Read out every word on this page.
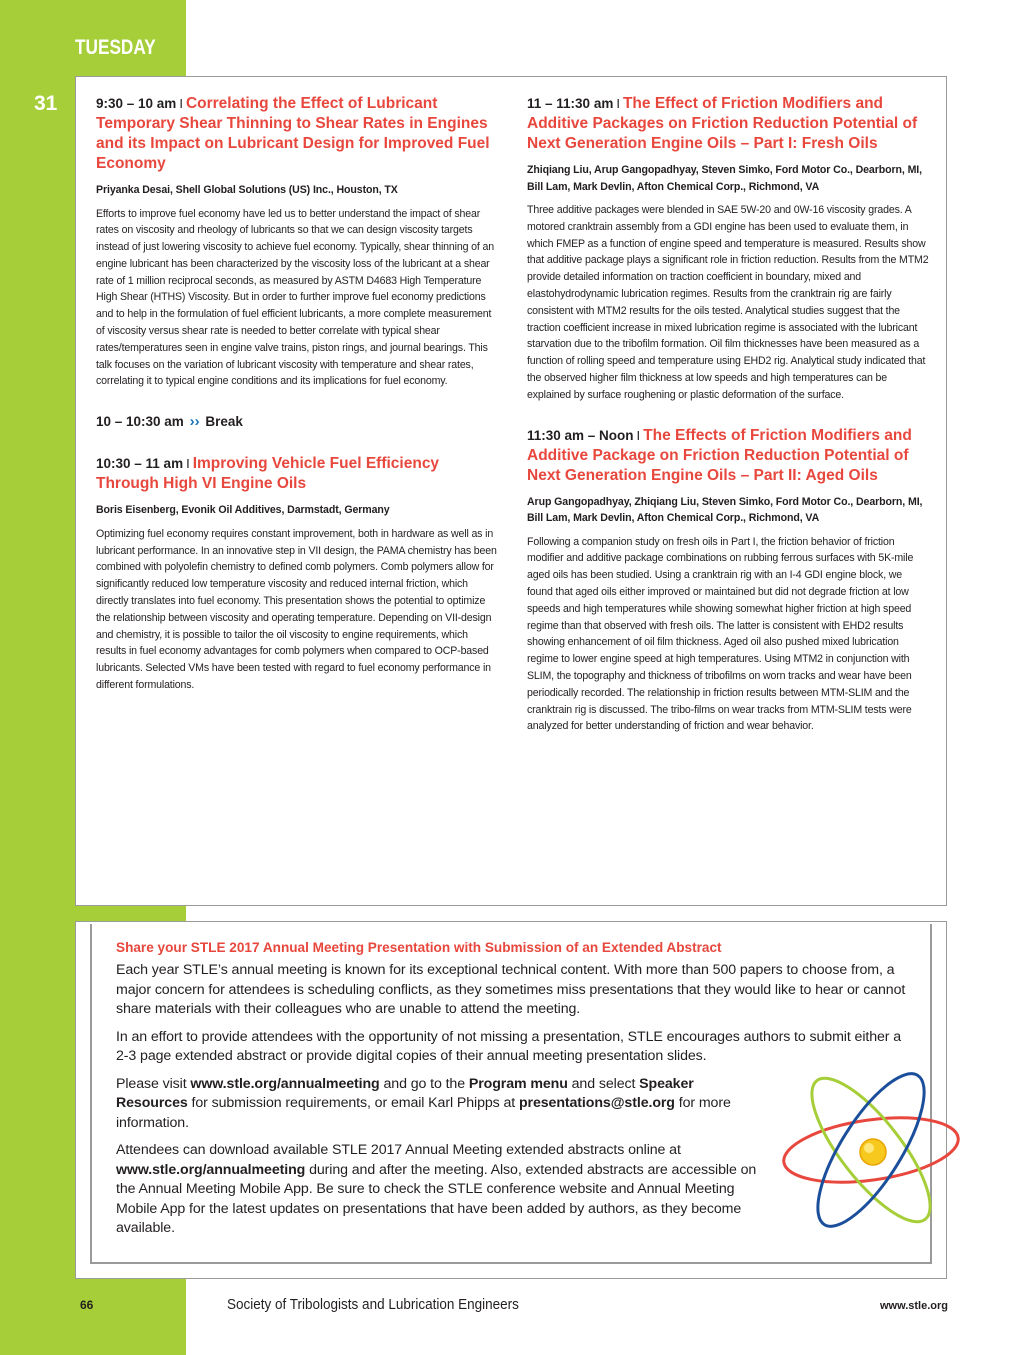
TUESDAY
31	9:30 – 10 am I Correlating the Effect of Lubricant Temporary Shear Thinning to Shear Rates in Engines and its Impact on Lubricant Design for Improved Fuel Economy

Priyanka Desai, Shell Global Solutions (US) Inc., Houston, TX

Efforts to improve fuel economy have led us to better understand the impact of shear rates on viscosity and rheology of lubricants so that we can design viscosity targets instead of just lowering viscosity to achieve fuel economy. Typically, shear thinning of an engine lubricant has been characterized by the viscosity loss of the lubricant at a shear rate of 1 million reciprocal seconds, as measured by ASTM D4683 High Temperature High Shear (HTHS) Viscosity. But in order to further improve fuel economy predictions and to help in the formulation of fuel efficient lubricants, a more complete measurement of viscosity versus shear rate is needed to better correlate with typical shear rates/temperatures seen in engine valve trains, piston rings, and journal bearings. This talk focuses on the variation of lubricant viscosity with temperature and shear rates, correlating it to typical engine conditions and its implications for fuel economy.

10 – 10:30 am ›› Break

10:30 – 11 am I Improving Vehicle Fuel Efficiency Through High VI Engine Oils

Boris Eisenberg, Evonik Oil Additives, Darmstadt, Germany

Optimizing fuel economy requires constant improvement, both in hardware as well as in lubricant performance. In an innovative step in VII design, the PAMA chemistry has been combined with polyolefin chemistry to defined comb polymers. Comb polymers allow for significantly reduced low temperature viscosity and reduced internal friction, which directly translates into fuel economy. This presentation shows the potential to optimize the relationship between viscosity and operating temperature. Depending on VII-design and chemistry, it is possible to tailor the oil viscosity to engine requirements, which results in fuel economy advantages for comb polymers when compared to OCP-based lubricants. Selected VMs have been tested with regard to fuel economy performance in different formulations.

11 – 11:30 am I The Effect of Friction Modifiers and Additive Packages on Friction Reduction Potential of Next Generation Engine Oils – Part I: Fresh Oils

Zhiqiang Liu, Arup Gangopadhyay, Steven Simko, Ford Motor Co., Dearborn, MI, Bill Lam, Mark Devlin, Afton Chemical Corp., Richmond, VA

Three additive packages were blended in SAE 5W-20 and 0W-16 viscosity grades. A motored cranktrain assembly from a GDI engine has been used to evaluate them, in which FMEP as a function of engine speed and temperature is measured. Results show that additive package plays a significant role in friction reduction. Results from the MTM2 provide detailed information on traction coefficient in boundary, mixed and elastohydrodynamic lubrication regimes. Results from the cranktrain rig are fairly consistent with MTM2 results for the oils tested. Analytical studies suggest that the traction coefficient increase in mixed lubrication regime is associated with the lubricant starvation due to the tribofilm formation. Oil film thicknesses have been measured as a function of rolling speed and temperature using EHD2 rig. Analytical study indicated that the observed higher film thickness at low speeds and high temperatures can be explained by surface roughening or plastic deformation of the surface.

11:30 am – Noon I The Effects of Friction Modifiers and Additive Package on Friction Reduction Potential of Next Generation Engine Oils – Part II: Aged Oils

Arup Gangopadhyay, Zhiqiang Liu, Steven Simko, Ford Motor Co., Dearborn, MI, Bill Lam, Mark Devlin, Afton Chemical Corp., Richmond, VA

Following a companion study on fresh oils in Part I, the friction behavior of friction modifier and additive package combinations on rubbing ferrous surfaces with 5K-mile aged oils has been studied. Using a cranktrain rig with an I-4 GDI engine block, we found that aged oils either improved or maintained but did not degrade friction at low speeds and high temperatures while showing somewhat higher friction at high speed regime than that observed with fresh oils. The latter is consistent with EHD2 results showing enhancement of oil film thickness. Aged oil also pushed mixed lubrication regime to lower engine speed at high temperatures. Using MTM2 in conjunction with SLIM, the topography and thickness of tribofilms on worn tracks and wear have been periodically recorded. The relationship in friction results between MTM-SLIM and the cranktrain rig is discussed. The tribo-films on wear tracks from MTM-SLIM tests were analyzed for better understanding of friction and wear behavior.

Share your STLE 2017 Annual Meeting Presentation with Submission of an Extended Abstract

Each year STLE’s annual meeting is known for its exceptional technical content. With more than 500 papers to choose from, a major concern for attendees is scheduling conflicts, as they sometimes miss presentations that they would like to hear or cannot share materials with their colleagues who are unable to attend the meeting.

In an effort to provide attendees with the opportunity of not missing a presentation, STLE encourages authors to submit either a 2-3 page extended abstract or provide digital copies of their annual meeting presentation slides.

Please visit www.stle.org/annualmeeting and go to the Program menu and select Speaker Resources for submission requirements, or email Karl Phipps at presentations@stle.org for more information.

Attendees can download available STLE 2017 Annual Meeting extended abstracts online at www.stle.org/annualmeeting during and after the meeting. Also, extended abstracts are accessible on the Annual Meeting Mobile App. Be sure to check the STLE conference website and Annual Meeting Mobile App for the latest updates on presentations that have been added by authors, as they become available.

66	Society of Tribologists and Lubrication Engineers	www.stle.org
